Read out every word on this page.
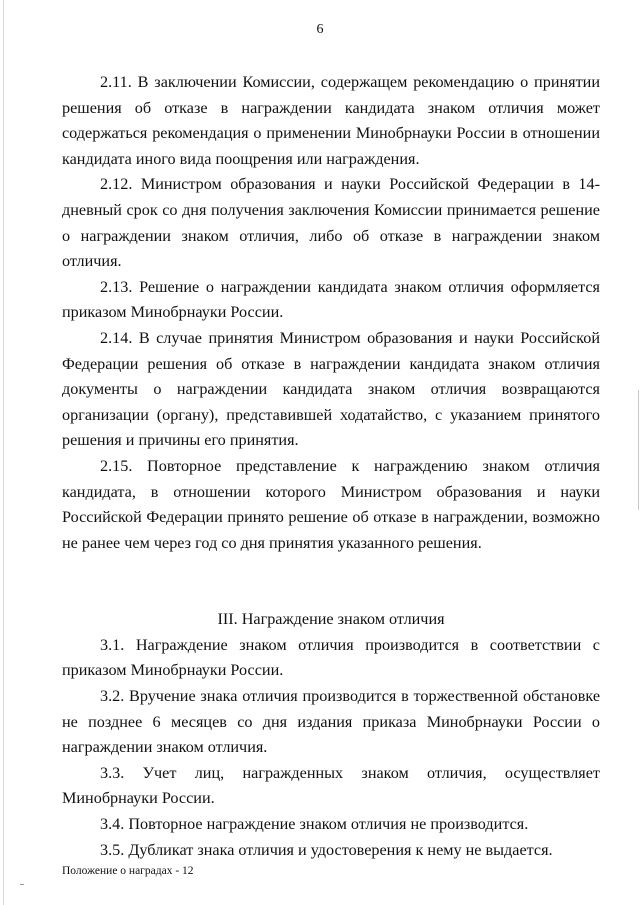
6

2.11. В заключении Комиссии, содержащем рекомендацию о принятии решения об отказе в награждении кандидата знаком отличия может содержаться рекомендация о применении Минобрнауки России в отношении кандидата иного вида поощрения или награждения.

2.12. Министром образования и науки Российской Федерации в 14-дневный срок со дня получения заключения Комиссии принимается решение о награждении знаком отличия, либо об отказе в награждении знаком отличия.

2.13. Решение о награждении кандидата знаком отличия оформляется приказом Минобрнауки России.

2.14. В случае принятия Министром образования и науки Российской Федерации решения об отказе в награждении кандидата знаком отличия документы о награждении кандидата знаком отличия возвращаются организации (органу), представившей ходатайство, с указанием принятого решения и причины его принятия.

2.15. Повторное представление к награждению знаком отличия кандидата, в отношении которого Министром образования и науки Российской Федерации принято решение об отказе в награждении, возможно не ранее чем через год со дня принятия указанного решения.

III. Награждение знаком отличия

3.1. Награждение знаком отличия производится в соответствии с приказом Минобрнауки России.

3.2. Вручение знака отличия производится в торжественной обстановке не позднее 6 месяцев со дня издания приказа Минобрнауки России о награждении знаком отличия.

3.3. Учет лиц, награжденных знаком отличия, осуществляет Минобрнауки России.

3.4. Повторное награждение знаком отличия не производится.

3.5. Дубликат знака отличия и удостоверения к нему не выдается.

Положение о наградах - 12
